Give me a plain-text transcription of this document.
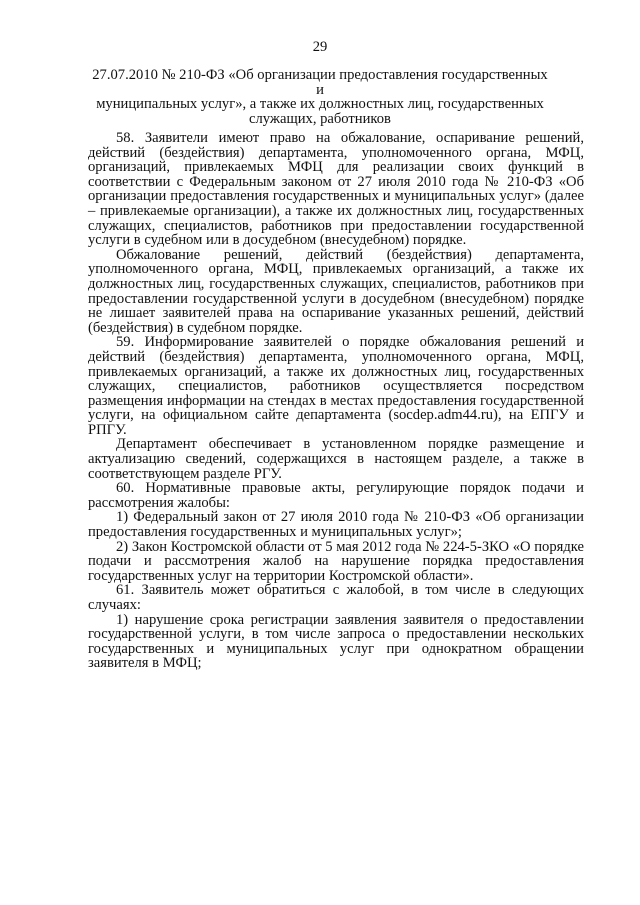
29
27.07.2010 № 210-ФЗ «Об организации предоставления государственных и
муниципальных услуг», а также их должностных лиц, государственных
служащих, работников

58. Заявители имеют право на обжалование, оспаривание решений, действий (бездействия) департамента, уполномоченного органа, МФЦ, организаций, привлекаемых МФЦ для реализации своих функций в соответствии с Федеральным законом от 27 июля 2010 года № 210-ФЗ «Об организации предоставления государственных и муниципальных услуг» (далее – привлекаемые организации), а также их должностных лиц, государственных служащих, специалистов, работников при предоставлении государственной услуги в судебном или в досудебном (внесудебном) порядке.

Обжалование решений, действий (бездействия) департамента, уполномоченного органа, МФЦ, привлекаемых организаций, а также их должностных лиц, государственных служащих, специалистов, работников при предоставлении государственной услуги в досудебном (внесудебном) порядке не лишает заявителей права на оспаривание указанных решений, действий (бездействия) в судебном порядке.

59. Информирование заявителей о порядке обжалования решений и действий (бездействия) департамента, уполномоченного органа, МФЦ, привлекаемых организаций, а также их должностных лиц, государственных служащих, специалистов, работников осуществляется посредством размещения информации на стендах в местах предоставления государственной услуги, на официальном сайте департамента (socdep.adm44.ru), на ЕПГУ и РПГУ.

Департамент обеспечивает в установленном порядке размещение и актуализацию сведений, содержащихся в настоящем разделе, а также в соответствующем разделе РГУ.

60. Нормативные правовые акты, регулирующие порядок подачи и рассмотрения жалобы:

1) Федеральный закон от 27 июля 2010 года № 210-ФЗ «Об организации предоставления государственных и муниципальных услуг»;

2) Закон Костромской области от 5 мая 2012 года № 224-5-ЗКО «О порядке подачи и рассмотрения жалоб на нарушение порядка предоставления государственных услуг на территории Костромской области».

61. Заявитель может обратиться с жалобой, в том числе в следующих случаях:

1) нарушение срока регистрации заявления заявителя о предоставлении государственной услуги, в том числе запроса о предоставлении нескольких государственных и муниципальных услуг при однократном обращении заявителя в МФЦ;
